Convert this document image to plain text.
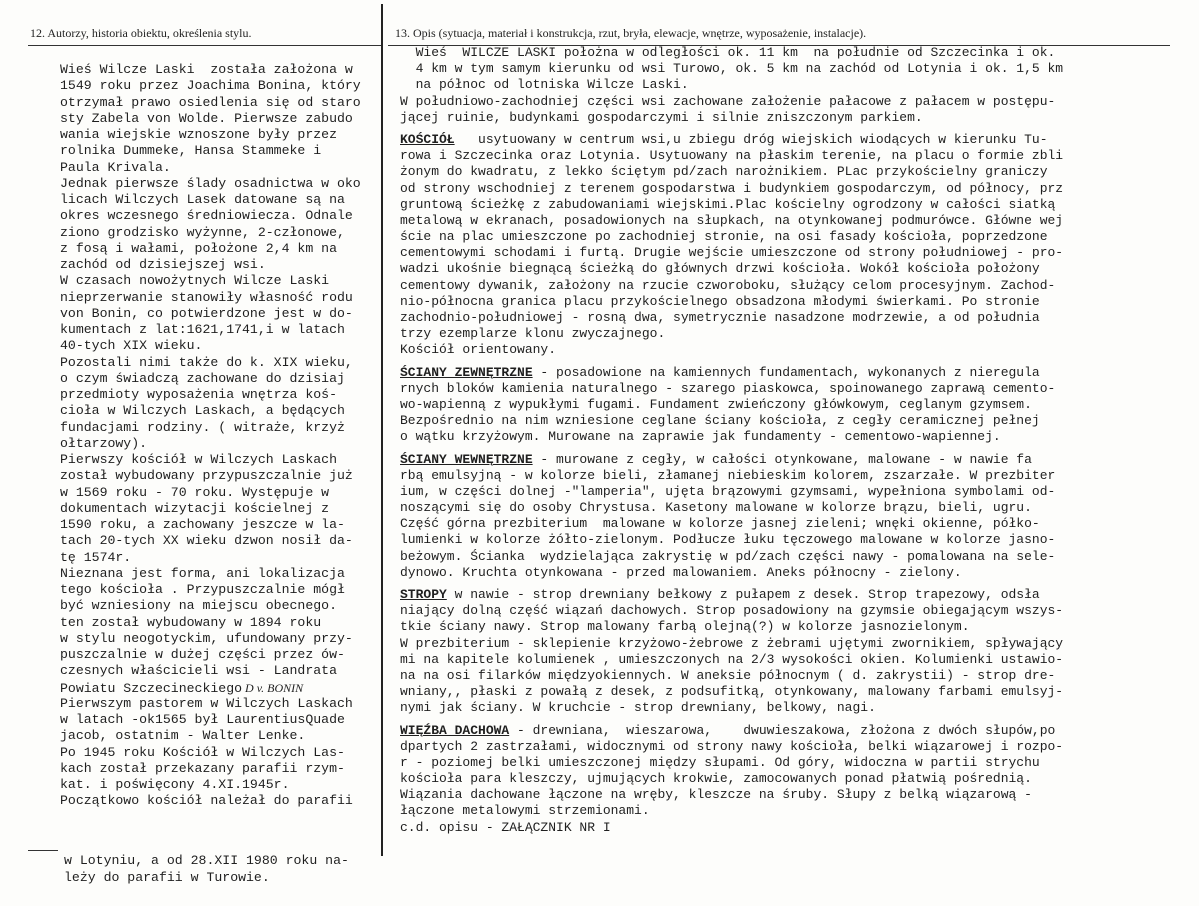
12. Autorzy, historia obiektu, określenia stylu.	13. Opis (sytuacja, materiał i konstrukcja, rzut, bryła, elewacje, wnętrze, wyposażenie, instalacje).
Wieś Wilcze Laski  została założona w
1549 roku przez Joachima Bonina, który
otrzymał prawo osiedlenia się od staro
sty Zabela von Wolde. Pierwsze zabudo
wania wiejskie wznoszone były przez
rolnika Dummeke, Hansa Stammeke i
Paula Krivala.
Jednak pierwsze ślady osadnictwa w oko
licach Wilczych Lasek datowane są na
okres wczesnego średniowiecza. Odnale
ziono grodzisko wyżynne, 2-członowe,
z fosą i wałami, położone 2,4 km na
zachód od dzisiejszej wsi.
W czasach nowożytnych Wilcze Laski
nieprzerwanie stanowiły własność rodu
von Bonin, co potwierdzone jest w do-
kumentach z lat:1621,1741,i w latach
40-tych XIX wieku.
Pozostali nimi także do k. XIX wieku,
o czym świadczą zachowane do dzisiaj
przedmioty wyposażenia wnętrza koś-
cioła w Wilczych Laskach, a będących
fundacjami rodziny. ( witraże, krzyż
ołtarzowy).
Pierwszy kościół w Wilczych Laskach
został wybudowany przypuszczalnie już
w 1569 roku - 70 roku. Występuje w
dokumentach wizytacji kościelnej z
1590 roku, a zachowany jeszcze w la-
tach 20-tych XX wieku dzwon nosił da-
tę 1574r.
Nieznana jest forma, ani lokalizacja
tego kościoła . Przypuszczalnie mógł
być wzniesiony na miejscu obecnego.
ten został wybudowany w 1894 roku
w stylu neogotyckim, ufundowany przy-
puszczalnie w dużej części przez ów-
czesnych właścicieli wsi - Landrata
Powiatu Szczecineckiego D v. BONIN
Pierwszym pastorem w Wilczych Laskach
w latach -ok1565 był LaurentiusQuade
jacob, ostatnim - Walter Lenke.
Po 1945 roku Kościół w Wilczych Las-
kach został przekazany parafii rzym-
kat. i poświęcony 4.XI.1945r.
Początkowo kościół należał do parafii
w Lotyniu, a od 28.XII 1980 roku na-
leży do parafii w Turowie.
Wieś  WILCZE LASKI położna w odległości ok. 11 km  na południe od Szczecinka i ok.
4 km w tym samym kierunku od wsi Turowo, ok. 5 km na zachód od Lotynia i ok. 1,5 km
na północ od lotniska Wilcze Laski.
W południowo-zachodniej części wsi zachowane założenie pałacowe z pałacem w postępu-
jącej ruinie, budynkami gospodarczymi i silnie zniszczonym parkiem.
KOŚCIÓŁ   usytuowany w centrum wsi,u zbiegu dróg wiejskich wiodących w kierunku Tu-
rowa i Szczecinka oraz Lotynia. Usytuowany na płaskim terenie, na placu o formie zbli
żonym do kwadratu, z lekko ściętym pd/zach narożnikiem. PLac przykościelny graniczy
od strony wschodniej z terenem gospodarstwa i budynkiem gospodarczym, od północy, prz
gruntową ścieżkę z zabudowaniami wiejskimi.Plac kościelny ogrodzony w całości siatką
metalową w ekranach, posadowionych na słupkach, na otynkowanej podmurówce. Główne wej
ście na plac umieszczone po zachodniej stronie, na osi fasady kościoła, poprzedzone
cementowymi schodami i furtą. Drugie wejście umieszczone od strony południowej - pro-
wadzi ukośnie biegnącą ścieżką do głównych drzwi kościoła. Wokół kościoła położony
cementowy dywanik, założony na rzucie czworoboku, służący celom procesyjnym. Zachod-
nio-północna granica placu przykościelnego obsadzona młodymi świerkami. Po stronie
zachodnio-południowej - rosną dwa, symetrycznie nasadzone modrzewie, a od południa
trzy ezemplarze klonu zwyczajnego.
Kościół orientowany.
ŚCIANY ZEWNĘTRZNE - posadowione na kamiennych fundamentach, wykonanych z nieregula
rnych bloków kamienia naturalnego - szarego piaskowca, spoinowanego zaprawą cemento-
wo-wapienną z wypukłymi fugami. Fundament zwieńczony główkowym, ceglanym gzymsem.
Bezpośrednio na nim wzniesione ceglane ściany kościoła, z cegły ceramicznej pełnej
o wątku krzyżowym. Murowane na zaprawie jak fundamenty - cementowo-wapiennej.
ŚCIANY WEWNĘTRZNE - murowane z cegły, w całości otynkowane, malowane - w nawie fa
rbą emulsyjną - w kolorze bieli, złamanej niebieskim kolorem, zszarzałe. W prezbiter
ium, w części dolnej -"lamperia", ujęta brązowymi gzymsami, wypełniona symbolami od-
noszącymi się do osoby Chrystusa. Kasetony malowane w kolorze brązu, bieli, ugru.
Część górna prezbiterium  malowane w kolorze jasnej zieleni; wnęki okienne, półko-
lumienki w kolorze żółto-zielonym. Podłucze łuku tęczowego malowane w kolorze jasno-
beżowym. Ścianka  wydzielająca zakrystię w pd/zach części nawy - pomalowana na sele-
dynowo. Kruchta otynkowana - przed malowaniem. Aneks północny - zielony.
STROPY w nawie - strop drewniany bełkowy z pułapem z desek. Strop trapezowy, odsła
niający dolną część wiązań dachowych. Strop posadowiony na gzymsie obiegającym wszys-
tkie ściany nawy. Strop malowany farbą olejną(?) w kolorze jasnozielonym.
W prezbiterium - sklepienie krzyżowo-żebrowe z żebrami ujętymi zwornikiem, spływający
mi na kapitele kolumienek , umieszczonych na 2/3 wysokości okien. Kolumienki ustawio-
na na osi filarków międzyokiennych. W aneksie północnym ( d. zakrystii) - strop dre-
wniany,, płaski z powałą z desek, z podsufitką, otynkowany, malowany farbami emulsyj-
nymi jak ściany. W kruchcie - strop drewniany, belkowy, nagi.
WIĘŹBA DACHOWA - drewniana,  wieszarowa,    dwuwieszakowa, złożona z dwóch słupów,po
dpartych 2 zastrzałami, widocznymi od strony nawy kościoła, belki wiązarowej i rozpo-
r - poziomej belki umieszczonej między słupami. Od góry, widoczna w partii strychu
kościoła para kleszczy, ujmujących krokwie, zamocowanych ponad płatwią pośrednią.
Wiązania dachowane łączone na wręby, kleszcze na śruby. Słupy z belką wiązarową -
łączone metalowymi strzemionami.
c.d. opisu - ZAŁĄCZNIK NR I
